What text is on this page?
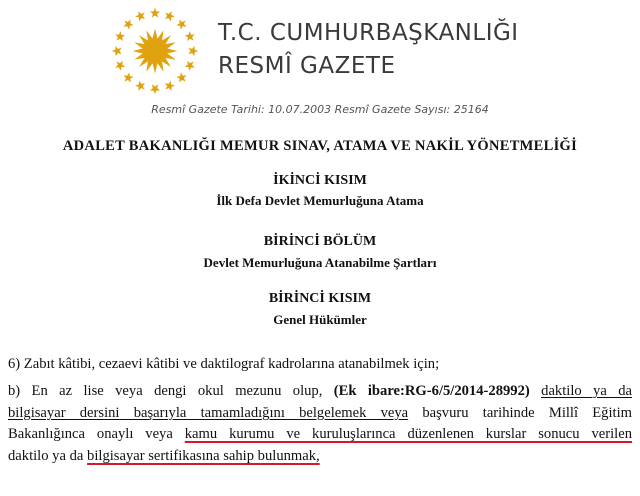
T.C. CUMHURBAŞKANLIĞI
RESMÎ GAZETE
Resmî Gazete Tarihi: 10.07.2003 Resmî Gazete Sayısı: 25164
ADALET BAKANLIĞI MEMUR SINAV, ATAMA VE NAKİL YÖNETMELİĞİ
İKİNCİ KISIM
İlk Defa Devlet Memurluğuna Atama
BİRİNCİ BÖLÜM
Devlet Memurluğuna Atanabilme Şartları
BİRİNCİ KISIM
Genel Hükümler
6) Zabıt kâtibi, cezaevi kâtibi ve daktilograf kadrolarına atanabilmek için;
b) En az lise veya dengi okul mezunu olup, (Ek ibare:RG-6/5/2014-28992) daktilo ya da
bilgisayar dersini başarıyla tamamladığını belgelemek veya başvuru tarihinde Millî Eğitim
Bakanlığınca onaylı veya kamu kurumu ve kuruluşlarınca düzenlenen kurslar sonucu verilen
daktilo ya da bilgisayar sertifikasına sahip bulunmak,
